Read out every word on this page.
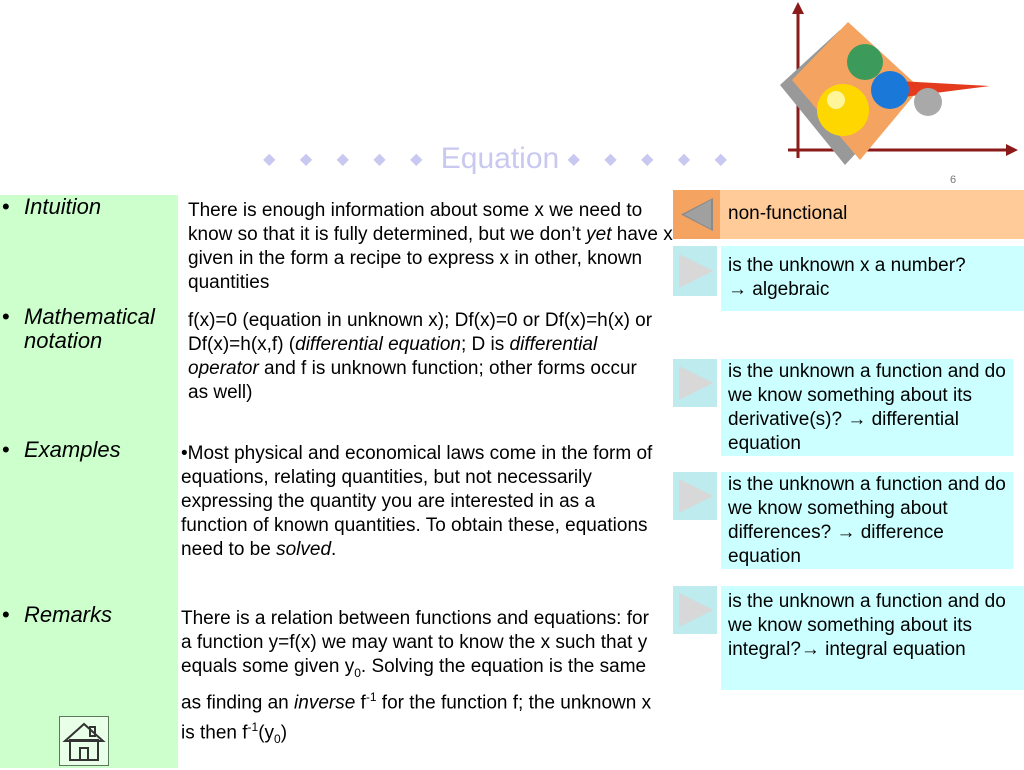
◆ ◆ ◆ ◆ ◆ Equation ◆ ◆ ◆ ◆ ◆
6
• Intuition
• Mathematical notation
• Examples
• Remarks
There is enough information about some x we need to know so that it is fully determined, but we don’t yet have x given in the form a recipe to express x in other, known quantities
f(x)=0 (equation in unknown x); Df(x)=0 or Df(x)=h(x) or Df(x)=h(x,f) (differential equation; D is differential operator and f is unknown function; other forms occur as well)
•Most physical and economical laws come in the form of equations, relating quantities, but not necessarily expressing the quantity you are interested in as a function of known quantities. To obtain these, equations need to be solved.
There is a relation between functions and equations: for a function y=f(x) we may want to know the x such that y equals some given $y_0$. Solving the equation is the same as finding an inverse $f^{-1}$ for the function f; the unknown x is then $f^{-1}(y_0)$
non-functional
is the unknown x a number? → algebraic
is the unknown a function and do we know something about its derivative(s)? → differential equation
is the unknown a function and do we know something about differences? → difference equation
is the unknown a function and do we know something about its integral?→ integral equation
